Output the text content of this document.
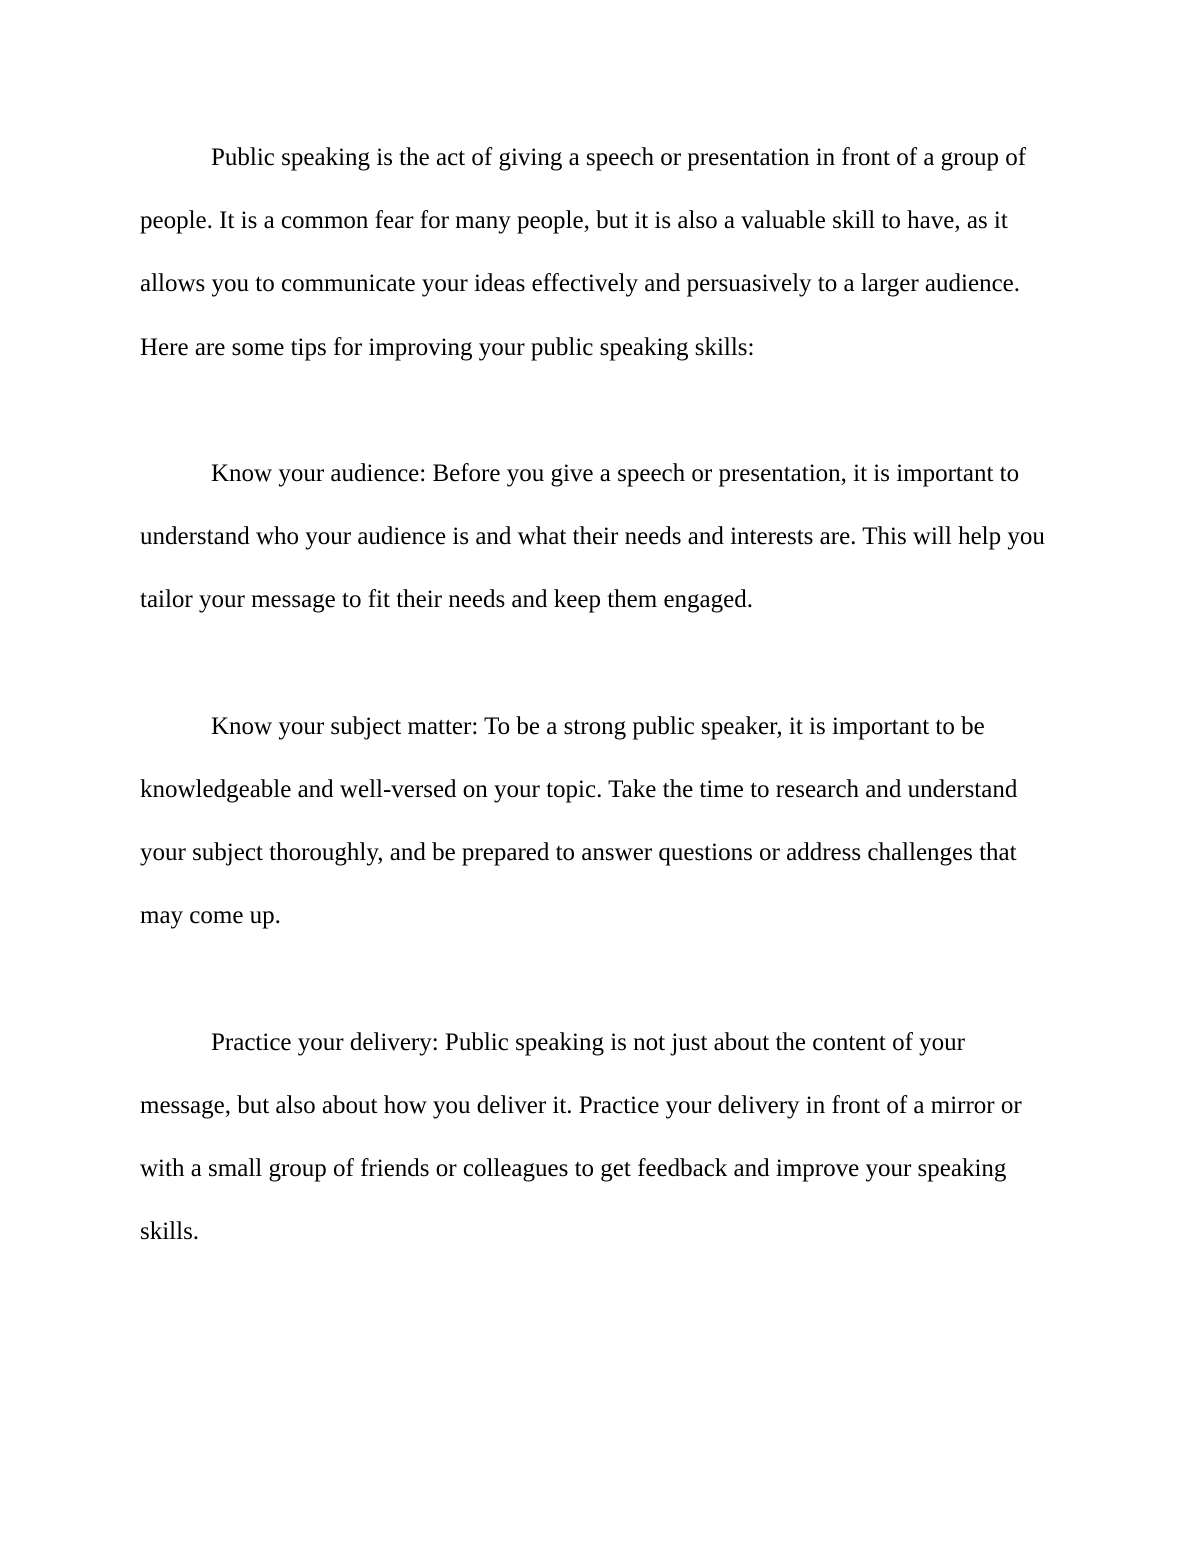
Public speaking is the act of giving a speech or presentation in front of a group of people. It is a common fear for many people, but it is also a valuable skill to have, as it allows you to communicate your ideas effectively and persuasively to a larger audience. Here are some tips for improving your public speaking skills:

Know your audience: Before you give a speech or presentation, it is important to understand who your audience is and what their needs and interests are. This will help you tailor your message to fit their needs and keep them engaged.

Know your subject matter: To be a strong public speaker, it is important to be knowledgeable and well-versed on your topic. Take the time to research and understand your subject thoroughly, and be prepared to answer questions or address challenges that may come up.

Practice your delivery: Public speaking is not just about the content of your message, but also about how you deliver it. Practice your delivery in front of a mirror or with a small group of friends or colleagues to get feedback and improve your speaking skills.
